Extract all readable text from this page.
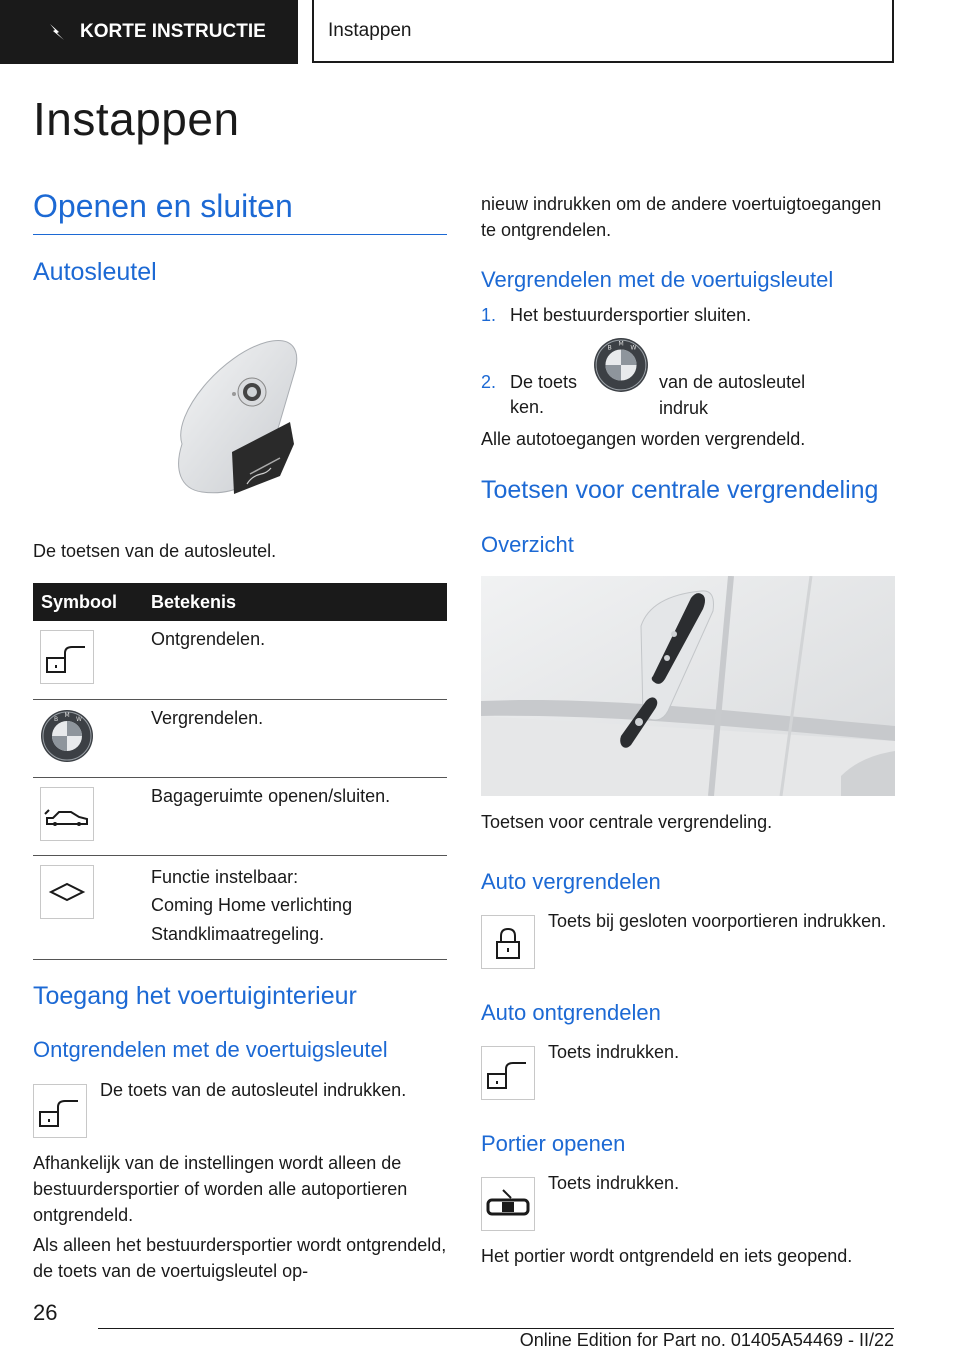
KORTE INSTRUCTIE	Instappen
Instappen
Openen en sluiten
Autosleutel

De toetsen van de autosleutel.

Symbool	Betekenis

	Ontgrendelen.

B
M
W	Vergrendelen.

	Bagageruimte openen/sluiten.

Functie instelbaar:
Coming Home verlichting
Standklimaatregeling.
Toegang het voertuiginterieur
Ontgrendelen met de voertuigsleutel

De toets van de autosleutel indrukken.

Afhankelijk van de instellingen wordt alleen de bestuurdersportier of worden alle autoportieren ontgrendeld.

Als alleen het bestuurdersportier wordt ontgrendeld, de toets van de voertuigsleutel op-

nieuw indrukken om de andere voertuigtoegangen te ontgrendelen.

Vergrendelen met de voertuigsleutel

1. Het bestuurdersportier sluiten.

2. De toets

B
M
W

van de autosleutel indruk

ken.

Alle autotoegangen worden vergrendeld.

Toetsen voor centrale vergrendeling
Overzicht

Toetsen voor centrale vergrendeling.

Auto vergrendelen

Toets bij gesloten voorportieren indrukken.

Auto ontgrendelen

Toets indrukken.

Portier openen

Toets indrukken.

Het portier wordt ontgrendeld en iets geopend.

26
Online Edition for Part no. 01405A54469 - II/22
